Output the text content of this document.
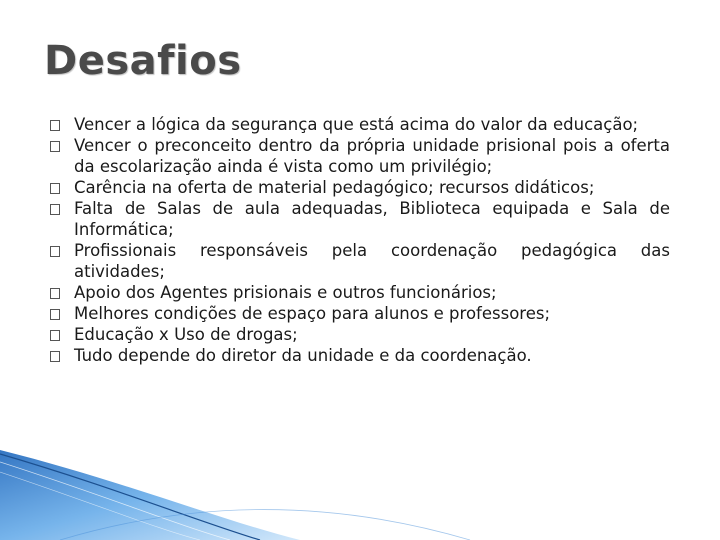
Desafios
Vencer a lógica da segurança que está acima do valor da educação;
Vencer o preconceito dentro da própria unidade prisional pois a oferta da escolarização ainda é vista como um privilégio;
Carência na oferta de material pedagógico; recursos didáticos;
Falta de Salas de aula adequadas, Biblioteca equipada e Sala de Informática;
Profissionais responsáveis pela coordenação pedagógica das atividades;
Apoio dos Agentes prisionais e outros funcionários;
Melhores condições de espaço para alunos e professores;
Educação x Uso de drogas;
Tudo depende do diretor da unidade e da coordenação.
